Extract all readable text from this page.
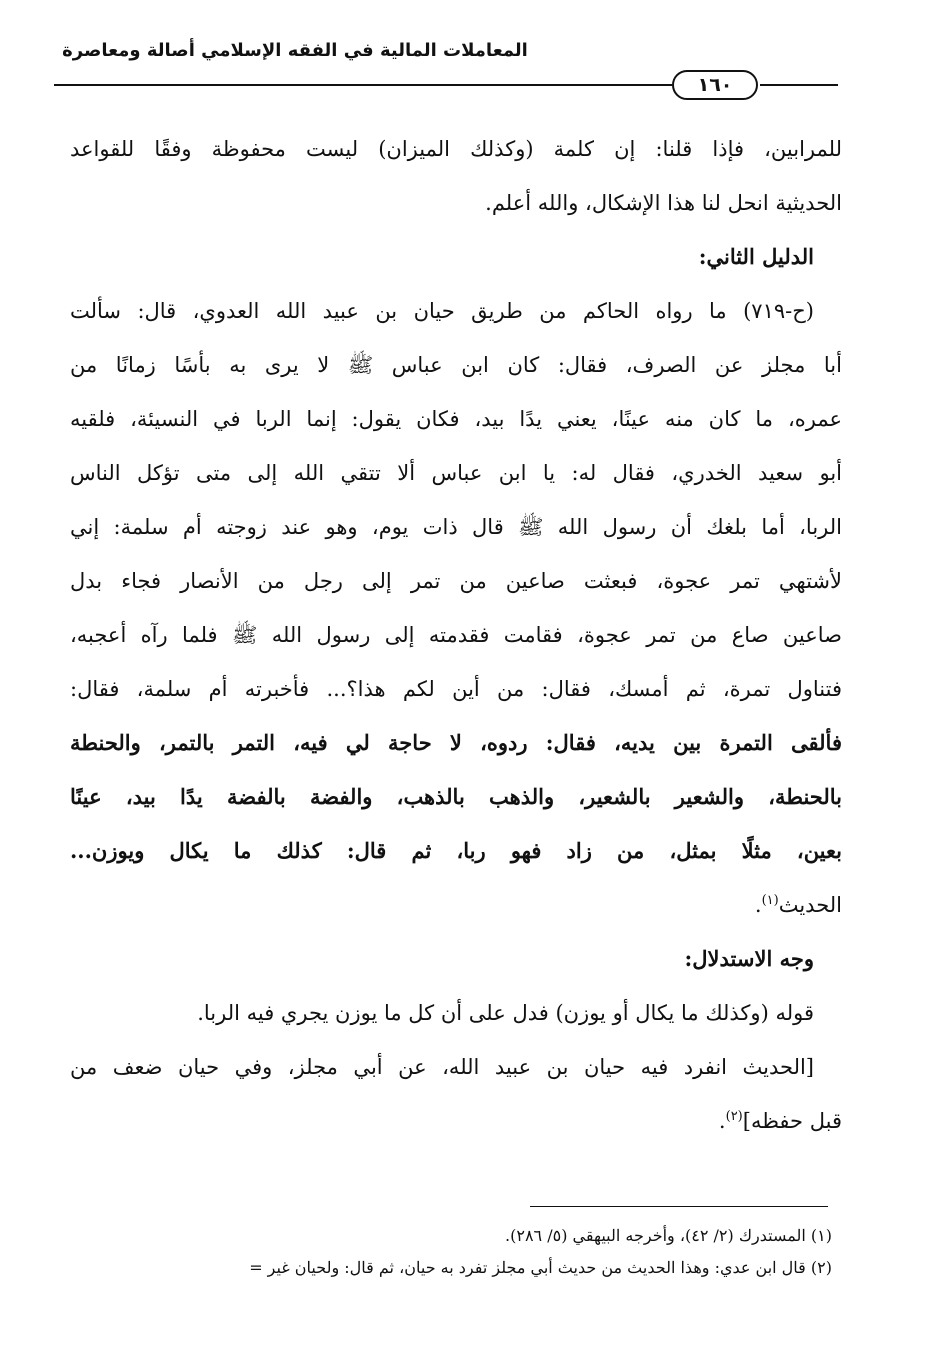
المعاملات المالية في الفقه الإسلامي أصالة ومعاصرة
١٦٠
للمرابين، فإذا قلنا: إن كلمة (وكذلك الميزان) ليست محفوظة وفقًا للقواعد
الحديثية انحل لنا هذا الإشكال، والله أعلم.
الدليل الثاني:
(ح-٧١٩) ما رواه الحاكم من طريق حيان بن عبيد الله العدوي، قال: سألت
أبا مجلز عن الصرف، فقال: كان ابن عباس ﷺ لا يرى به بأسًا زمانًا من
عمره، ما كان منه عينًا، يعني يدًا بيد، فكان يقول: إنما الربا في النسيئة، فلقيه
أبو سعيد الخدري، فقال له: يا ابن عباس ألا تتقي الله إلى متى تؤكل الناس
الربا، أما بلغك أن رسول الله ﷺ قال ذات يوم، وهو عند زوجته أم سلمة: إني
لأشتهي تمر عجوة، فبعثت صاعين من تمر إلى رجل من الأنصار فجاء بدل
صاعين صاع من تمر عجوة، فقامت فقدمته إلى رسول الله ﷺ فلما رآه أعجبه،
فتناول تمرة، ثم أمسك، فقال: من أين لكم هذا؟... فأخبرته أم سلمة، فقال:
فألقى التمرة بين يديه، فقال: ردوه، لا حاجة لي فيه، التمر بالتمر، والحنطة
بالحنطة، والشعير بالشعير، والذهب بالذهب، والفضة بالفضة يدًا بيد، عينًا
بعين، مثلًا بمثل، من زاد فهو ربا، ثم قال: كذلك ما يكال ويوزن...
الحديث$^{(١)}$.
وجه الاستدلال:
قوله (وكذلك ما يكال أو يوزن) فدل على أن كل ما يوزن يجري فيه الربا.
[الحديث انفرد فيه حيان بن عبيد الله، عن أبي مجلز، وفي حيان ضعف من
قبل حفظه]$^{(٢)}$.
(١) المستدرك (٢/ ٤٢)، وأخرجه البيهقي (٥/ ٢٨٦).
(٢) قال ابن عدي: وهذا الحديث من حديث أبي مجلز تفرد به حيان، ثم قال: ولحيان غير =
